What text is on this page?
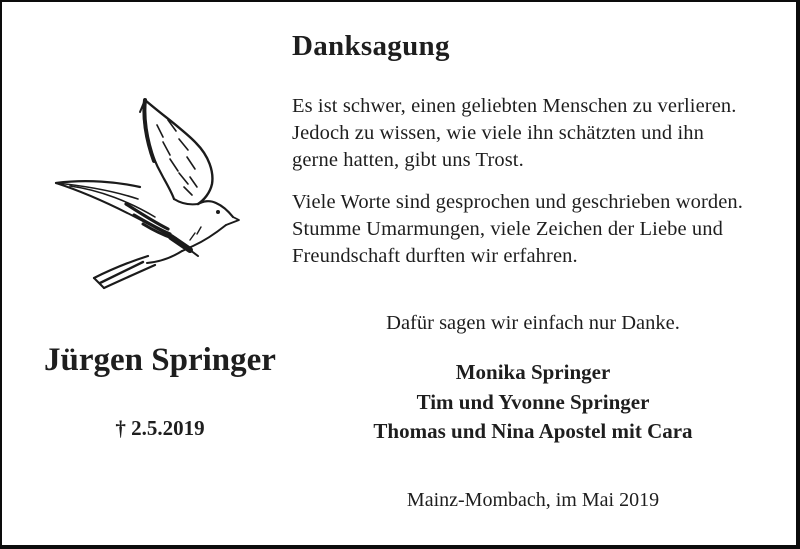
Jürgen Springer
† 2.5.2019
Danksagung
Es ist schwer, einen geliebten Menschen zu verlieren.
Jedoch zu wissen, wie viele ihn schätzten und ihn
gerne hatten, gibt uns Trost.
Viele Worte sind gesprochen und geschrieben worden.
Stumme Umarmungen, viele Zeichen der Liebe und
Freundschaft durften wir erfahren.
Dafür sagen wir einfach nur Danke.
Monika Springer
Tim und Yvonne Springer
Thomas und Nina Apostel mit Cara
Mainz-Mombach, im Mai 2019
